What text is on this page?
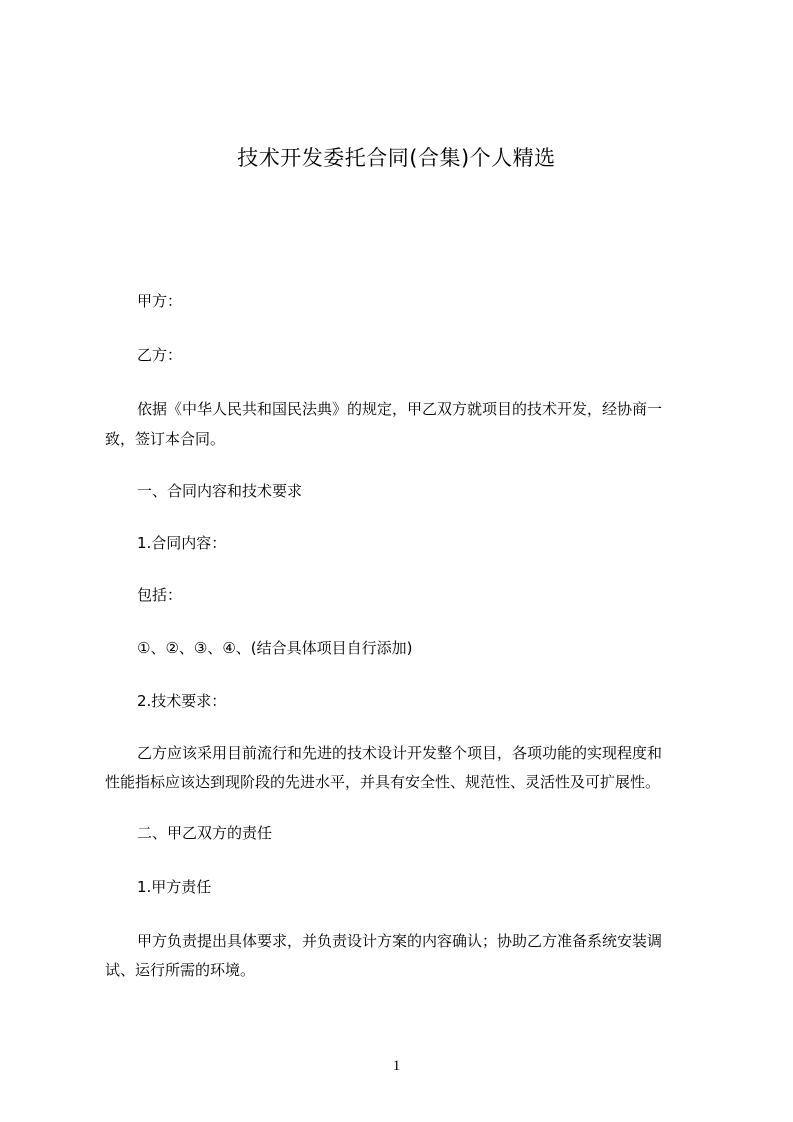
技术开发委托合同(合集)个人精选
甲方：
乙方：
依据《中华人民共和国民法典》的规定，甲乙双方就项目的技术开发，经协商一
致，签订本合同。
一、合同内容和技术要求
1.合同内容：
包括：
①、②、③、④、(结合具体项目自行添加)
2.技术要求：
乙方应该采用目前流行和先进的技术设计开发整个项目，各项功能的实现程度和
性能指标应该达到现阶段的先进水平，并具有安全性、规范性、灵活性及可扩展性。
二、甲乙双方的责任
1.甲方责任
甲方负责提出具体要求，并负责设计方案的内容确认；协助乙方准备系统安装调
试、运行所需的环境。
1
